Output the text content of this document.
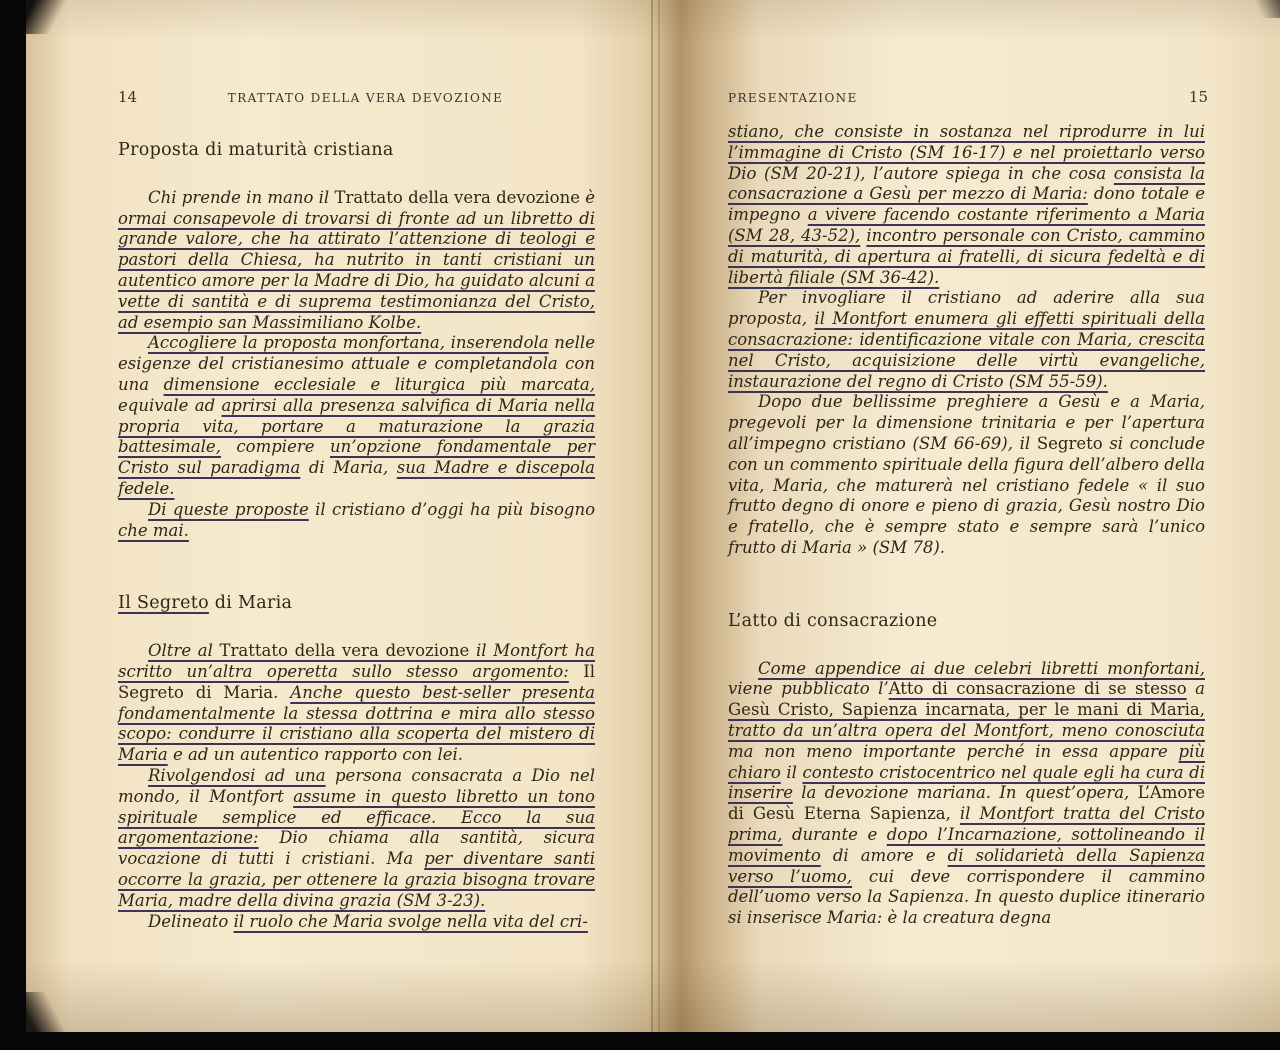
14	TRATTATO DELLA VERA DEVOZIONE	PRESENTAZIONE	15
Proposta di maturità cristiana

Chi prende in mano il Trattato della vera devozione è ormai consapevole di trovarsi di fronte ad un libretto di grande valore, che ha attirato l’attenzione di teologi e pastori della Chiesa, ha nutrito in tanti cristiani un autentico amore per la Madre di Dio, ha guidato alcuni a vette di santità e di suprema testimonianza del Cristo, ad esempio san Massimiliano Kolbe.

Accogliere la proposta monfortana, inserendola nelle esigenze del cristianesimo attuale e completandola con una dimensione ecclesiale e liturgica più marcata, equivale ad aprirsi alla presenza salvifica di Maria nella propria vita, portare a maturazione la grazia battesimale, compiere un’opzione fondamentale per Cristo sul paradigma di Maria, sua Madre e discepola fedele.

Di queste proposte il cristiano d’oggi ha più bisogno che mai.

Il Segreto di Maria

Oltre al Trattato della vera devozione il Montfort ha scritto un’altra operetta sullo stesso argomento: Il Segreto di Maria. Anche questo best-seller presenta fondamentalmente la stessa dottrina e mira allo stesso scopo: condurre il cristiano alla scoperta del mistero di Maria e ad un autentico rapporto con lei.

Rivolgendosi ad una persona consacrata a Dio nel mondo, il Montfort assume in questo libretto un tono spirituale semplice ed efficace. Ecco la sua argomentazione: Dio chiama alla santità, sicura vocazione di tutti i cristiani. Ma per diventare santi occorre la grazia, per ottenere la grazia bisogna trovare Maria, madre della divina grazia (SM 3-23).

Delineato il ruolo che Maria svolge nella vita del cri-

stiano, che consiste in sostanza nel riprodurre in lui l’immagine di Cristo (SM 16-17) e nel proiettarlo verso Dio (SM 20-21), l’autore spiega in che cosa consista la consacrazione a Gesù per mezzo di Maria: dono totale e impegno a vivere facendo costante riferimento a Maria (SM 28, 43-52), incontro personale con Cristo, cammino di maturità, di apertura ai fratelli, di sicura fedeltà e di libertà filiale (SM 36-42).

Per invogliare il cristiano ad aderire alla sua proposta, il Montfort enumera gli effetti spirituali della consacrazione: identificazione vitale con Maria, crescita nel Cristo, acquisizione delle virtù evangeliche, instaurazione del regno di Cristo (SM 55-59).

Dopo due bellissime preghiere a Gesù e a Maria, pregevoli per la dimensione trinitaria e per l’apertura all’impegno cristiano (SM 66-69), il Segreto si conclude con un commento spirituale della figura dell’albero della vita, Maria, che maturerà nel cristiano fedele « il suo frutto degno di onore e pieno di grazia, Gesù nostro Dio e fratello, che è sempre stato e sempre sarà l’unico frutto di Maria » (SM 78).

L’atto di consacrazione

Come appendice ai due celebri libretti monfortani, viene pubblicato l’Atto di consacrazione di se stesso a Gesù Cristo, Sapienza incarnata, per le mani di Maria, tratto da un’altra opera del Montfort, meno conosciuta ma non meno importante perché in essa appare più chiaro il contesto cristocentrico nel quale egli ha cura di inserire la devozione mariana. In quest’opera, L’Amore di Gesù Eterna Sapienza, il Montfort tratta del Cristo prima, durante e dopo l’Incarnazione, sottolineando il movimento di amore e di solidarietà della Sapienza verso l’uomo, cui deve corrispondere il cammino dell’uomo verso la Sapienza. In questo duplice itinerario si inserisce Maria: è la creatura degna
